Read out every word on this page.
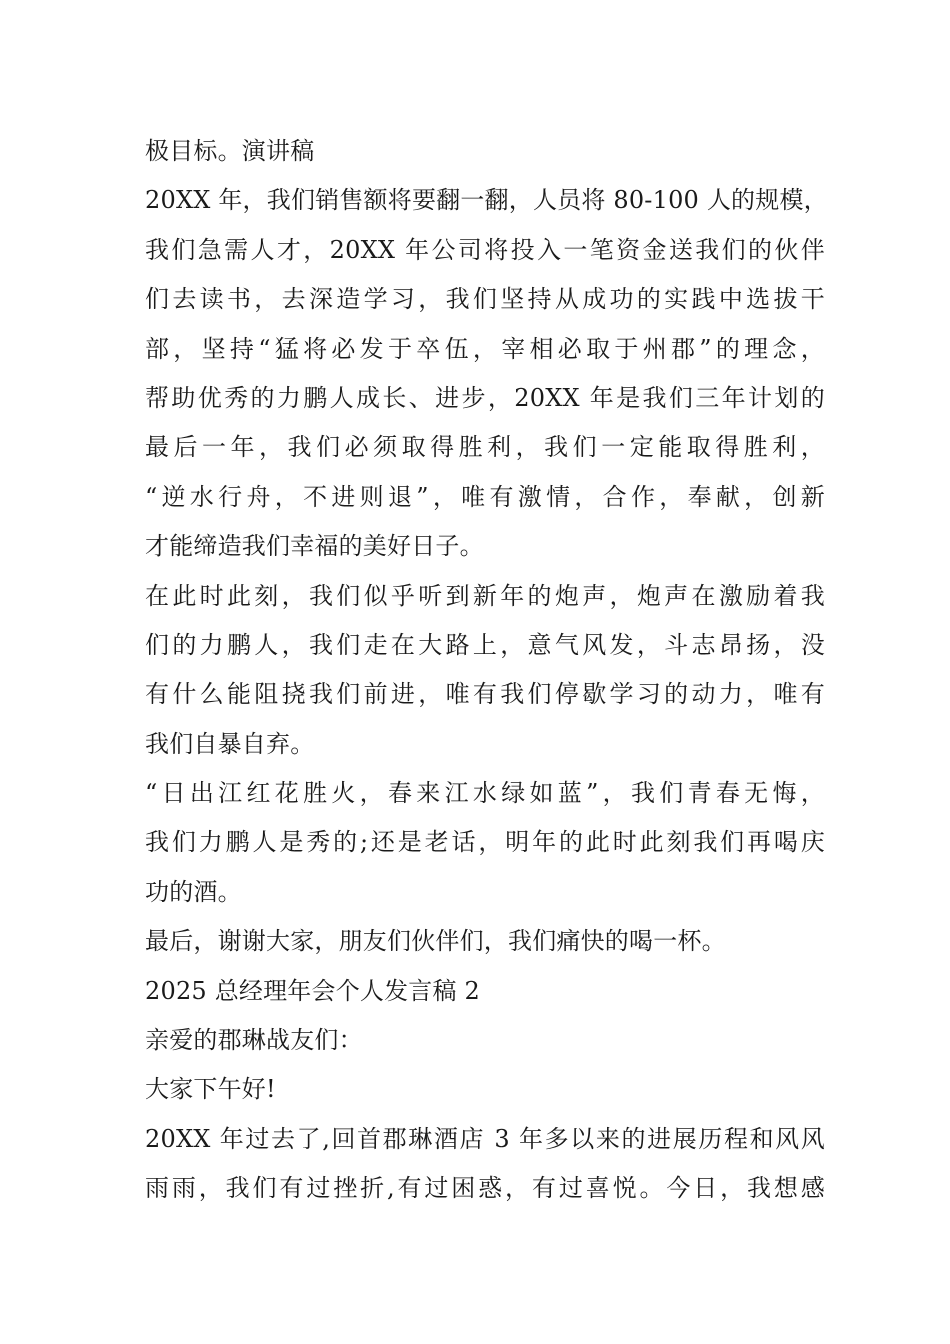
极目标。演讲稿
20XX 年，我们销售额将要翻一翻，人员将 80-100 人的规模，
我们急需人才，20XX 年公司将投入一笔资金送我们的伙伴
们去读书，去深造学习，我们坚持从成功的实践中选拔干
部，坚持“猛将必发于卒伍，宰相必取于州郡”的理念，
帮助优秀的力鹏人成长、进步，20XX 年是我们三年计划的
最后一年，我们必须取得胜利，我们一定能取得胜利，
“逆水行舟，不进则退”，唯有激情，合作，奉献，创新
才能缔造我们幸福的美好日子。
在此时此刻，我们似乎听到新年的炮声，炮声在激励着我
们的力鹏人，我们走在大路上，意气风发，斗志昂扬，没
有什么能阻挠我们前进，唯有我们停歇学习的动力，唯有
我们自暴自弃。
“日出江红花胜火，春来江水绿如蓝”，我们青春无悔，
我们力鹏人是秀的;还是老话，明年的此时此刻我们再喝庆
功的酒。
最后，谢谢大家，朋友们伙伴们，我们痛快的喝一杯。
2025 总经理年会个人发言稿 2
亲爱的郡琳战友们：
大家下午好!
20XX 年过去了,回首郡琳酒店 3 年多以来的进展历程和风风
雨雨，我们有过挫折,有过困惑，有过喜悦。今日，我想感
